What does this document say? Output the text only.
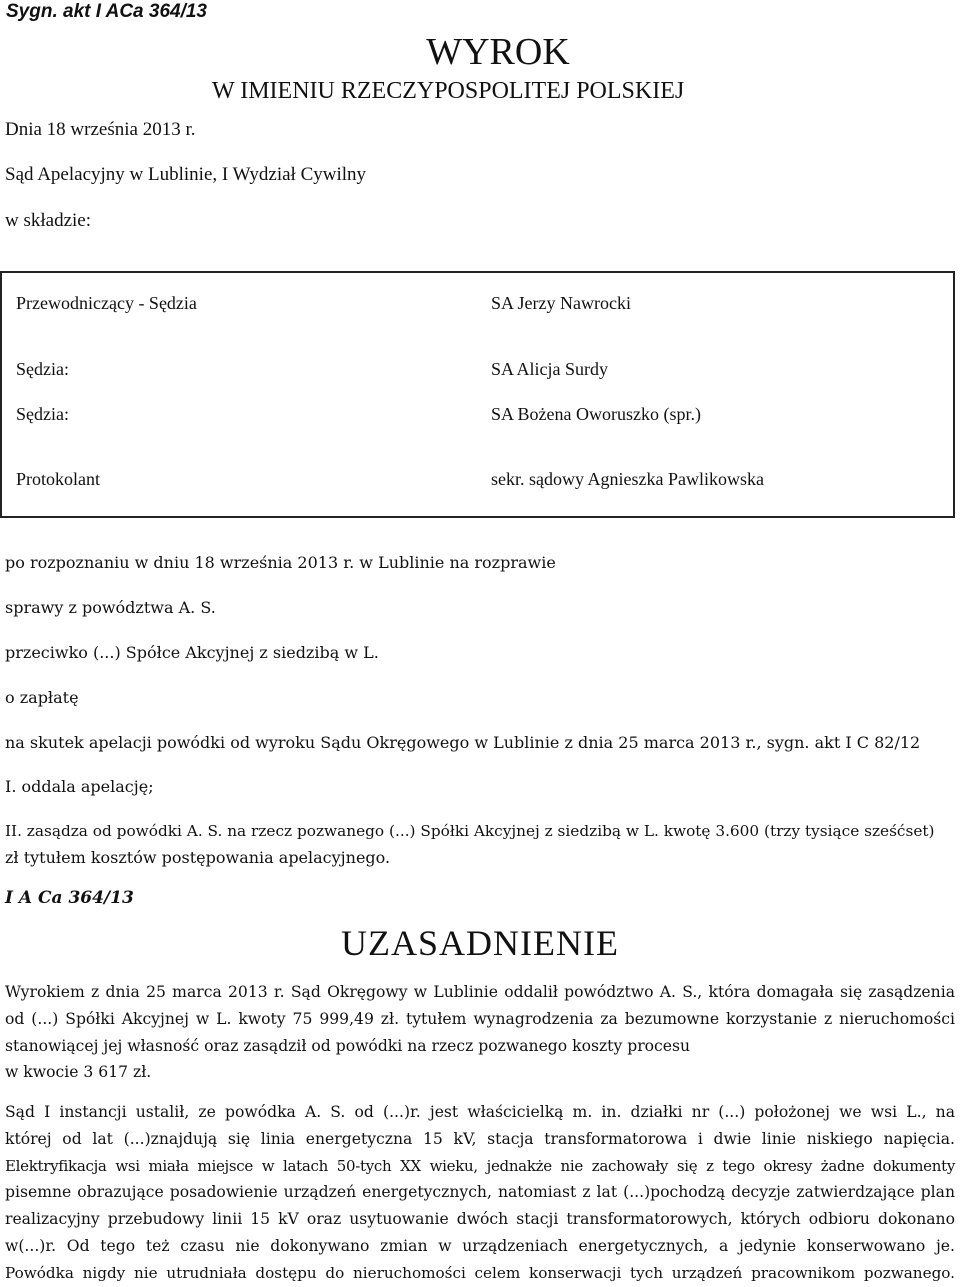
Sygn. akt I ACa 364/13
WYROK
W IMIENIU RZECZYPOSPOLITEJ POLSKIEJ
Dnia 18 września 2013 r.
Sąd Apelacyjny w Lublinie, I Wydział Cywilny
w składzie:
Przewodniczący - Sędzia	SA Jerzy Nawrocki
Sędzia:	SA Alicja Surdy
Sędzia:	SA Bożena Oworuszko (spr.)
Protokolant	sekr. sądowy Agnieszka Pawlikowska
po rozpoznaniu w dniu 18 września 2013 r. w Lublinie na rozprawie
sprawy z powództwa A. S.
przeciwko (...) Spółce Akcyjnej z siedzibą w L.
o zapłatę
na skutek apelacji powódki od wyroku Sądu Okręgowego w Lublinie z dnia 25 marca 2013 r., sygn. akt I C 82/12
I. oddala apelację;
II. zasądza od powódki A. S. na rzecz pozwanego (...) Spółki Akcyjnej z siedzibą w L. kwotę 3.600 (trzy tysiące sześćset)
zł tytułem kosztów postępowania apelacyjnego.
I A Ca 364/13
UZASADNIENIE
Wyrokiem z dnia 25 marca 2013 r. Sąd Okręgowy w Lublinie oddalił powództwo A. S., która domagała się zasądzenia
od (...) Spółki Akcyjnej w L. kwoty 75 999,49 zł. tytułem wynagrodzenia za bezumowne korzystanie z nieruchomości
stanowiącej jej własność oraz zasądził od powódki na rzecz pozwanego koszty procesu
w kwocie 3 617 zł.
Sąd I instancji ustalił, ze powódka A. S. od (...)r. jest właścicielką m. in. działki nr (...) położonej we wsi L., na
której od lat (...)znajdują się linia energetyczna 15 kV, stacja transformatorowa i dwie linie niskiego napięcia.
Elektryfikacja wsi miała miejsce w latach 50-tych XX wieku, jednakże nie zachowały się z tego okresy żadne dokumenty
pisemne obrazujące posadowienie urządzeń energetycznych, natomiast z lat (...)pochodzą decyzje zatwierdzające plan
realizacyjny przebudowy linii 15 kV oraz usytuowanie dwóch stacji transformatorowych, których odbioru dokonano
w(...)r. Od tego też czasu nie dokonywano zmian w urządzeniach energetycznych, a jedynie konserwowano je.
Powódka nigdy nie utrudniała dostępu do nieruchomości celem konserwacji tych urządzeń pracownikom pozwanego.
